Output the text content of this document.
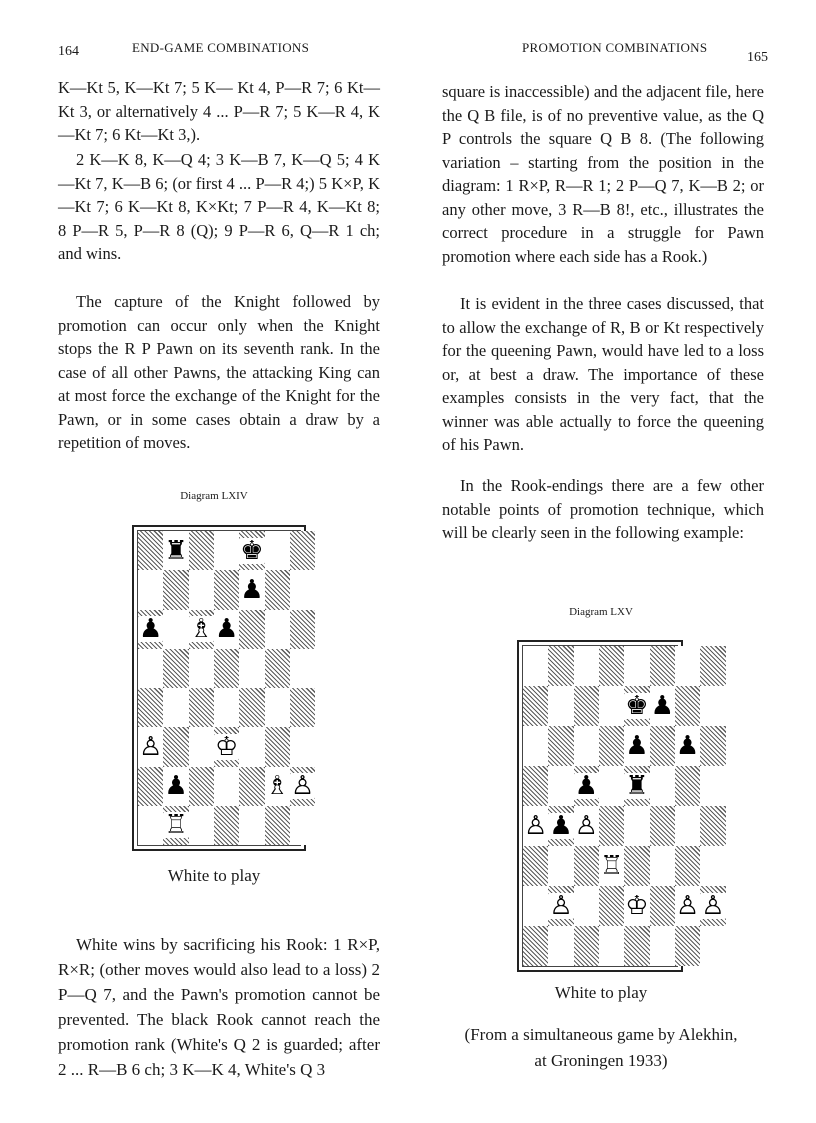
164	END-GAME COMBINATIONS

K—Kt 5, K—Kt 7; 5 K— Kt 4, P—R 7; 6 Kt—Kt 3, or alternatively 4 ... P—R 7; 5 K—R 4, K—Kt 7; 6 Kt—Kt 3,).

2 K—K 8, K—Q 4; 3 K—B 7, K—Q 5; 4 K—Kt 7, K—B 6; (or first 4 ... P—R 4;) 5 K×P, K—Kt 7; 6 K—Kt 8, K×Kt; 7 P—R 4, K—Kt 8; 8 P—R 5, P—R 8 (Q); 9 P—R 6, Q—R 1 ch; and wins.

The capture of the Knight followed by promotion can occur only when the Knight stops the R P Pawn on its seventh rank. In the case of all other Pawns, the attacking King can at most force the exchange of the Knight for the Pawn, or in some cases obtain a draw by a repetition of moves.

Diagram LXIV
♜ ♚
♟
♟ ♗ ♟
♙ ♔
♟	♗ ♙
♖
White to play

White wins by sacrificing his Rook: 1 R×P, R×R; (other moves would also lead to a loss) 2 P—Q 7, and the Pawn's promotion cannot be prevented. The black Rook cannot reach the promotion rank (White's Q 2 is guarded; after 2 ... R—B 6 ch; 3 K—K 4, White's Q 3

PROMOTION COMBINATIONS
165

square is inaccessible) and the adjacent file, here the Q B file, is of no preventive value, as the Q P controls the square Q B 8. (The following variation – starting from the position in the diagram: 1 R×P, R—R 1; 2 P—Q 7, K—B 2; or any other move, 3 R—B 8!, etc., illustrates the correct procedure in a struggle for Pawn promotion where each side has a Rook.)

It is evident in the three cases discussed, that to allow the exchange of R, B or Kt respectively for the queening Pawn, would have led to a loss or, at best a draw. The importance of these examples consists in the very fact, that the winner was able actually to force the queening of his Pawn.

In the Rook-endings there are a few other notable points of promotion technique, which will be clearly seen in the following example:

Diagram LXV
White to play

(From a simultaneous game by Alekhin, at Groningen 1933)

♚ ♟
♟ ♟
♟ ♜
♙ ♟ ♙
♖
♙ ♔ ♙ ♙
